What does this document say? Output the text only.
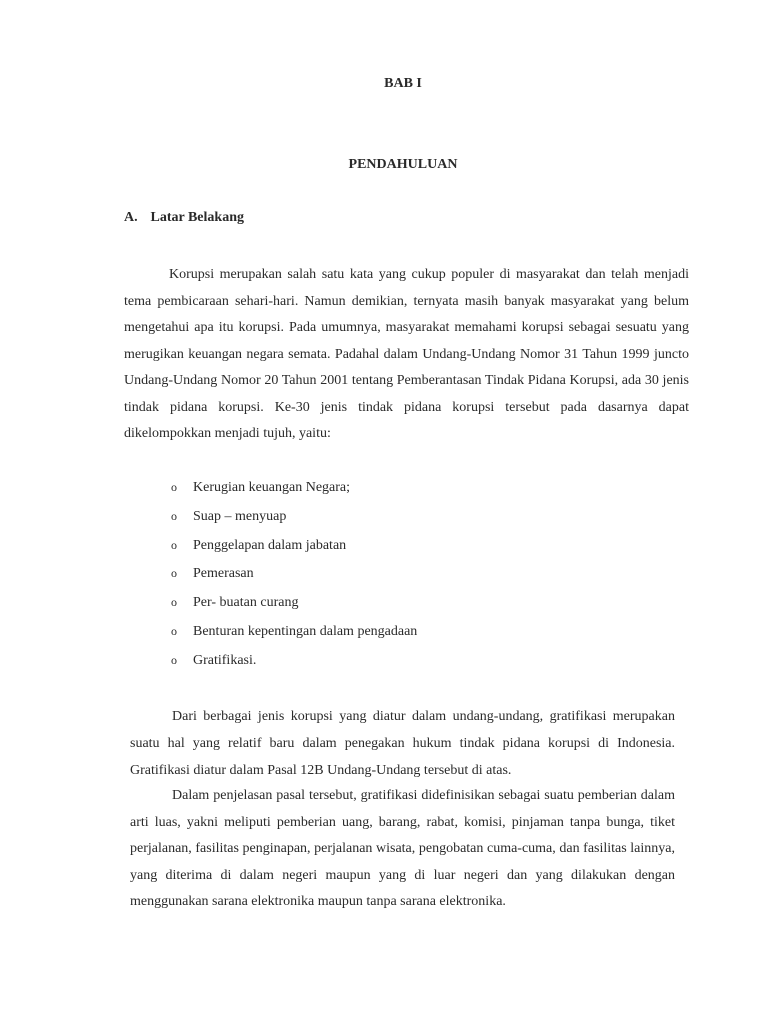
BAB I
PENDAHULUAN
A. Latar Belakang

Korupsi merupakan salah satu kata yang cukup populer di masyarakat dan telah menjadi tema pembicaraan sehari-hari. Namun demikian, ternyata masih banyak masyarakat yang belum mengetahui apa itu korupsi. Pada umumnya, masyarakat memahami korupsi sebagai sesuatu yang merugikan keuangan negara semata. Padahal dalam Undang-Undang Nomor 31 Tahun 1999 juncto Undang-Undang Nomor 20 Tahun 2001 tentang Pemberantasan Tindak Pidana Korupsi, ada 30 jenis tindak pidana korupsi. Ke-30 jenis tindak pidana korupsi tersebut pada dasarnya dapat dikelompokkan menjadi tujuh, yaitu:

o Kerugian keuangan Negara;
o Suap – menyuap
o Penggelapan dalam jabatan
o Pemerasan
o Per- buatan curang
o Benturan kepentingan dalam pengadaan
o Gratifikasi.

Dari berbagai jenis korupsi yang diatur dalam undang-undang, gratifikasi merupakan suatu hal yang relatif baru dalam penegakan hukum tindak pidana korupsi di Indonesia. Gratifikasi diatur dalam Pasal 12B Undang-Undang tersebut di atas.

Dalam penjelasan pasal tersebut, gratifikasi didefinisikan sebagai suatu pemberian dalam arti luas, yakni meliputi pemberian uang, barang, rabat, komisi, pinjaman tanpa bunga, tiket perjalanan, fasilitas penginapan, perjalanan wisata, pengobatan cuma-cuma, dan fasilitas lainnya, yang diterima di dalam negeri maupun yang di luar negeri dan yang dilakukan dengan menggunakan sarana elektronika maupun tanpa sarana elektronika.
